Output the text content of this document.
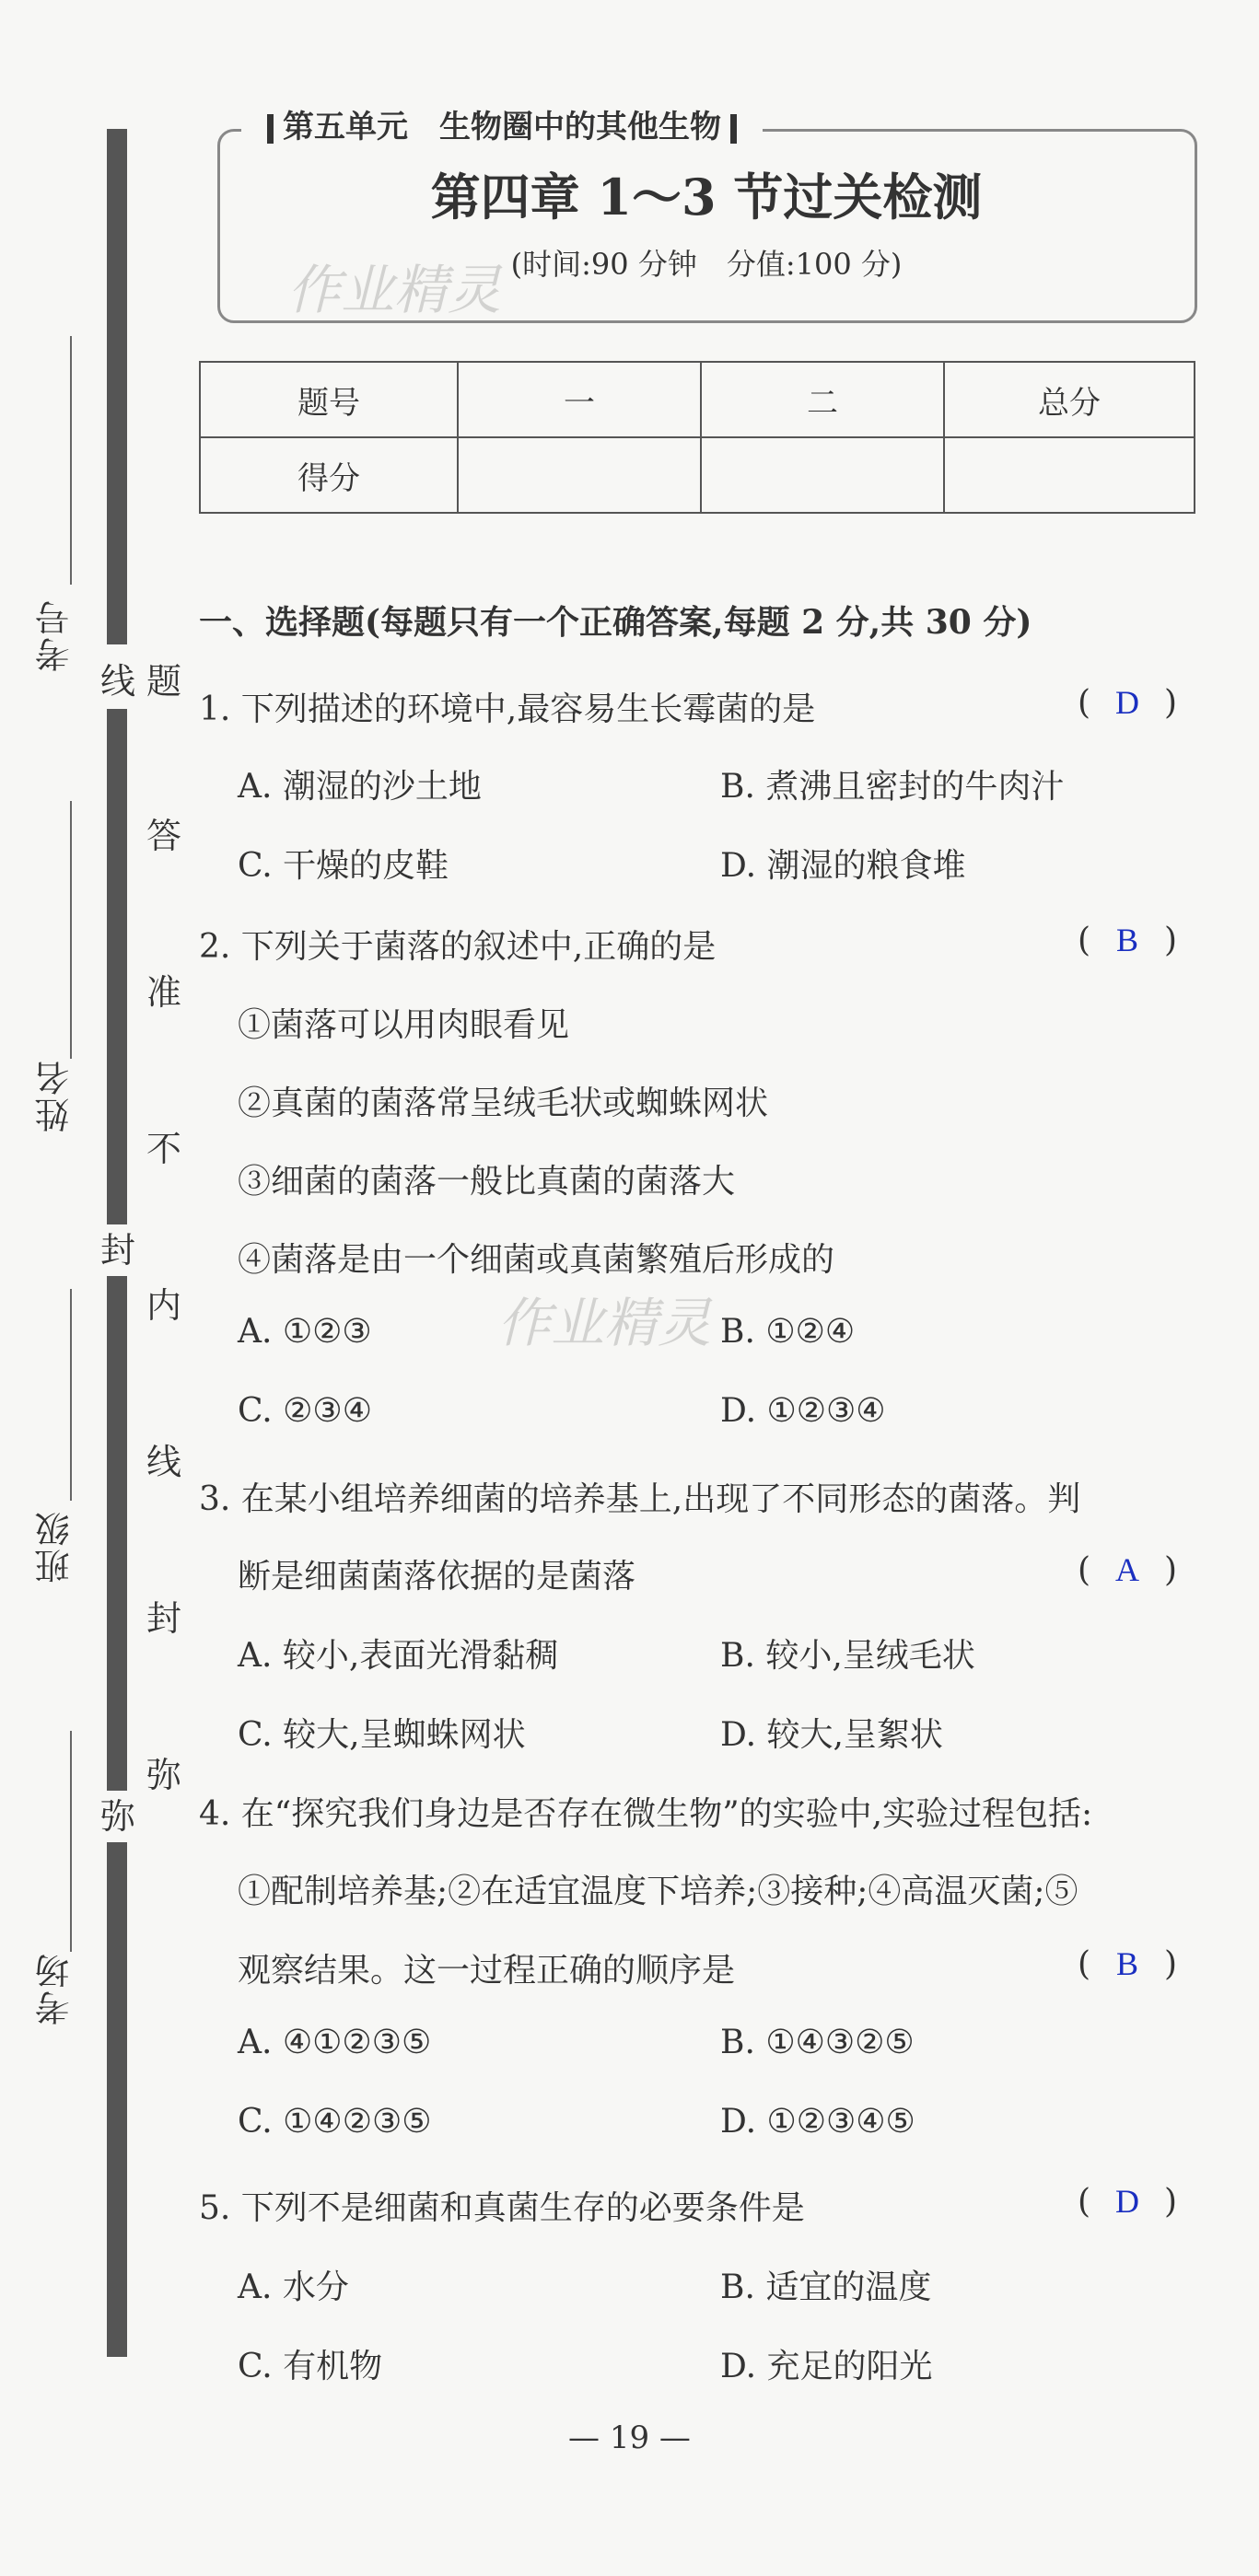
第五单元　生物圈中的其他生物
第四章 1～3 节过关检测
(时间:90 分钟　分值:100 分)
题号	一	二	总分
得分			
考号
姓名
班级
考场
线 题
答
准
不
封
内
线
封
弥
弥
作业精灵
作业精灵
一、选择题(每题只有一个正确答案,每题 2 分,共 30 分)
1. 下列描述的环境中,最容易生长霉菌的是	( D )
A. 潮湿的沙土地	B. 煮沸且密封的牛肉汁
C. 干燥的皮鞋	D. 潮湿的粮食堆
2. 下列关于菌落的叙述中,正确的是	( B )
①菌落可以用肉眼看见
②真菌的菌落常呈绒毛状或蜘蛛网状
③细菌的菌落一般比真菌的菌落大
④菌落是由一个细菌或真菌繁殖后形成的
A. ①②③	B. ①②④
C. ②③④	D. ①②③④
3. 在某小组培养细菌的培养基上,出现了不同形态的菌落。判
断是细菌菌落依据的是菌落	( A )
A. 较小,表面光滑黏稠	B. 较小,呈绒毛状
C. 较大,呈蜘蛛网状	D. 较大,呈絮状
4. 在“探究我们身边是否存在微生物”的实验中,实验过程包括:
①配制培养基;②在适宜温度下培养;③接种;④高温灭菌;⑤
观察结果。这一过程正确的顺序是	( B )
A. ④①②③⑤	B. ①④③②⑤
C. ①④②③⑤	D. ①②③④⑤
5. 下列不是细菌和真菌生存的必要条件是	( D )
A. 水分	B. 适宜的温度
C. 有机物	D. 充足的阳光
— 19 —
